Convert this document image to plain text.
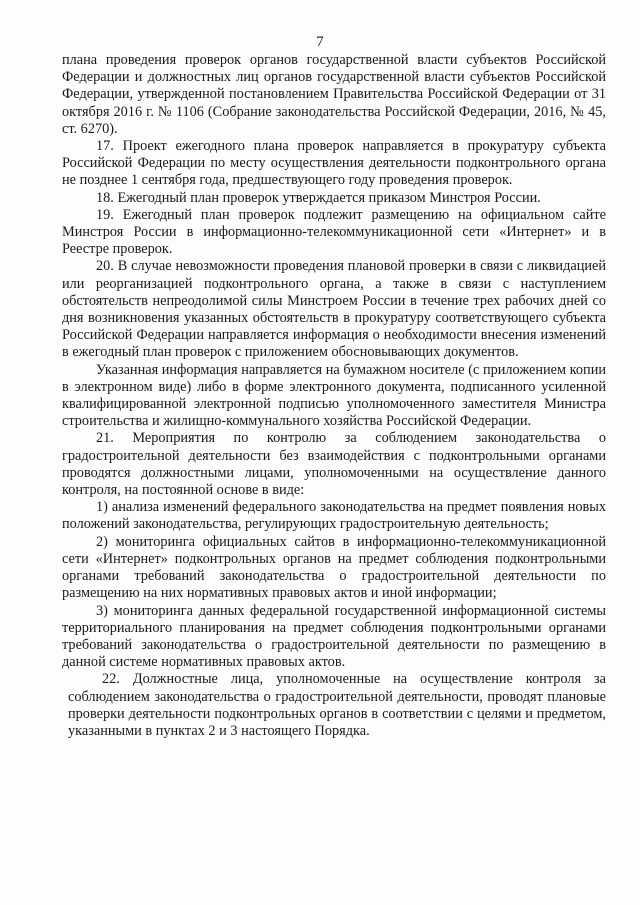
7

плана проведения проверок органов государственной власти субъектов Российской Федерации и должностных лиц органов государственной власти субъектов Российской Федерации, утвержденной постановлением Правительства Российской Федерации от 31 октября 2016 г. № 1106 (Собрание законодательства Российской Федерации, 2016, № 45, ст. 6270).

17. Проект ежегодного плана проверок направляется в прокуратуру субъекта Российской Федерации по месту осуществления деятельности подконтрольного органа не позднее 1 сентября года, предшествующего году проведения проверок.

18. Ежегодный план проверок утверждается приказом Минстроя России.

19. Ежегодный план проверок подлежит размещению на официальном сайте Минстроя России в информационно-телекоммуникационной сети «Интернет» и в Реестре проверок.

20. В случае невозможности проведения плановой проверки в связи с ликвидацией или реорганизацией подконтрольного органа, а также в связи с наступлением обстоятельств непреодолимой силы Минстроем России в течение трех рабочих дней со дня возникновения указанных обстоятельств в прокуратуру соответствующего субъекта Российской Федерации направляется информация о необходимости внесения изменений в ежегодный план проверок с приложением обосновывающих документов.

Указанная информация направляется на бумажном носителе (с приложением копии в электронном виде) либо в форме электронного документа, подписанного усиленной квалифицированной электронной подписью уполномоченного заместителя Министра строительства и жилищно-коммунального хозяйства Российской Федерации.

21. Мероприятия по контролю за соблюдением законодательства о градостроительной деятельности без взаимодействия с подконтрольными органами проводятся должностными лицами, уполномоченными на осуществление данного контроля, на постоянной основе в виде:

1) анализа изменений федерального законодательства на предмет появления новых положений законодательства, регулирующих градостроительную деятельность;

2) мониторинга официальных сайтов в информационно-телекоммуникационной сети «Интернет» подконтрольных органов на предмет соблюдения подконтрольными органами требований законодательства о градостроительной деятельности по размещению на них нормативных правовых актов и иной информации;

3) мониторинга данных федеральной государственной информационной системы территориального планирования на предмет соблюдения подконтрольными органами требований законодательства о градостроительной деятельности по размещению в данной системе нормативных правовых актов.

22. Должностные лица, уполномоченные на осуществление контроля за соблюдением законодательства о градостроительной деятельности, проводят плановые проверки деятельности подконтрольных органов в соответствии с целями и предметом, указанными в пунктах 2 и 3 настоящего Порядка.
